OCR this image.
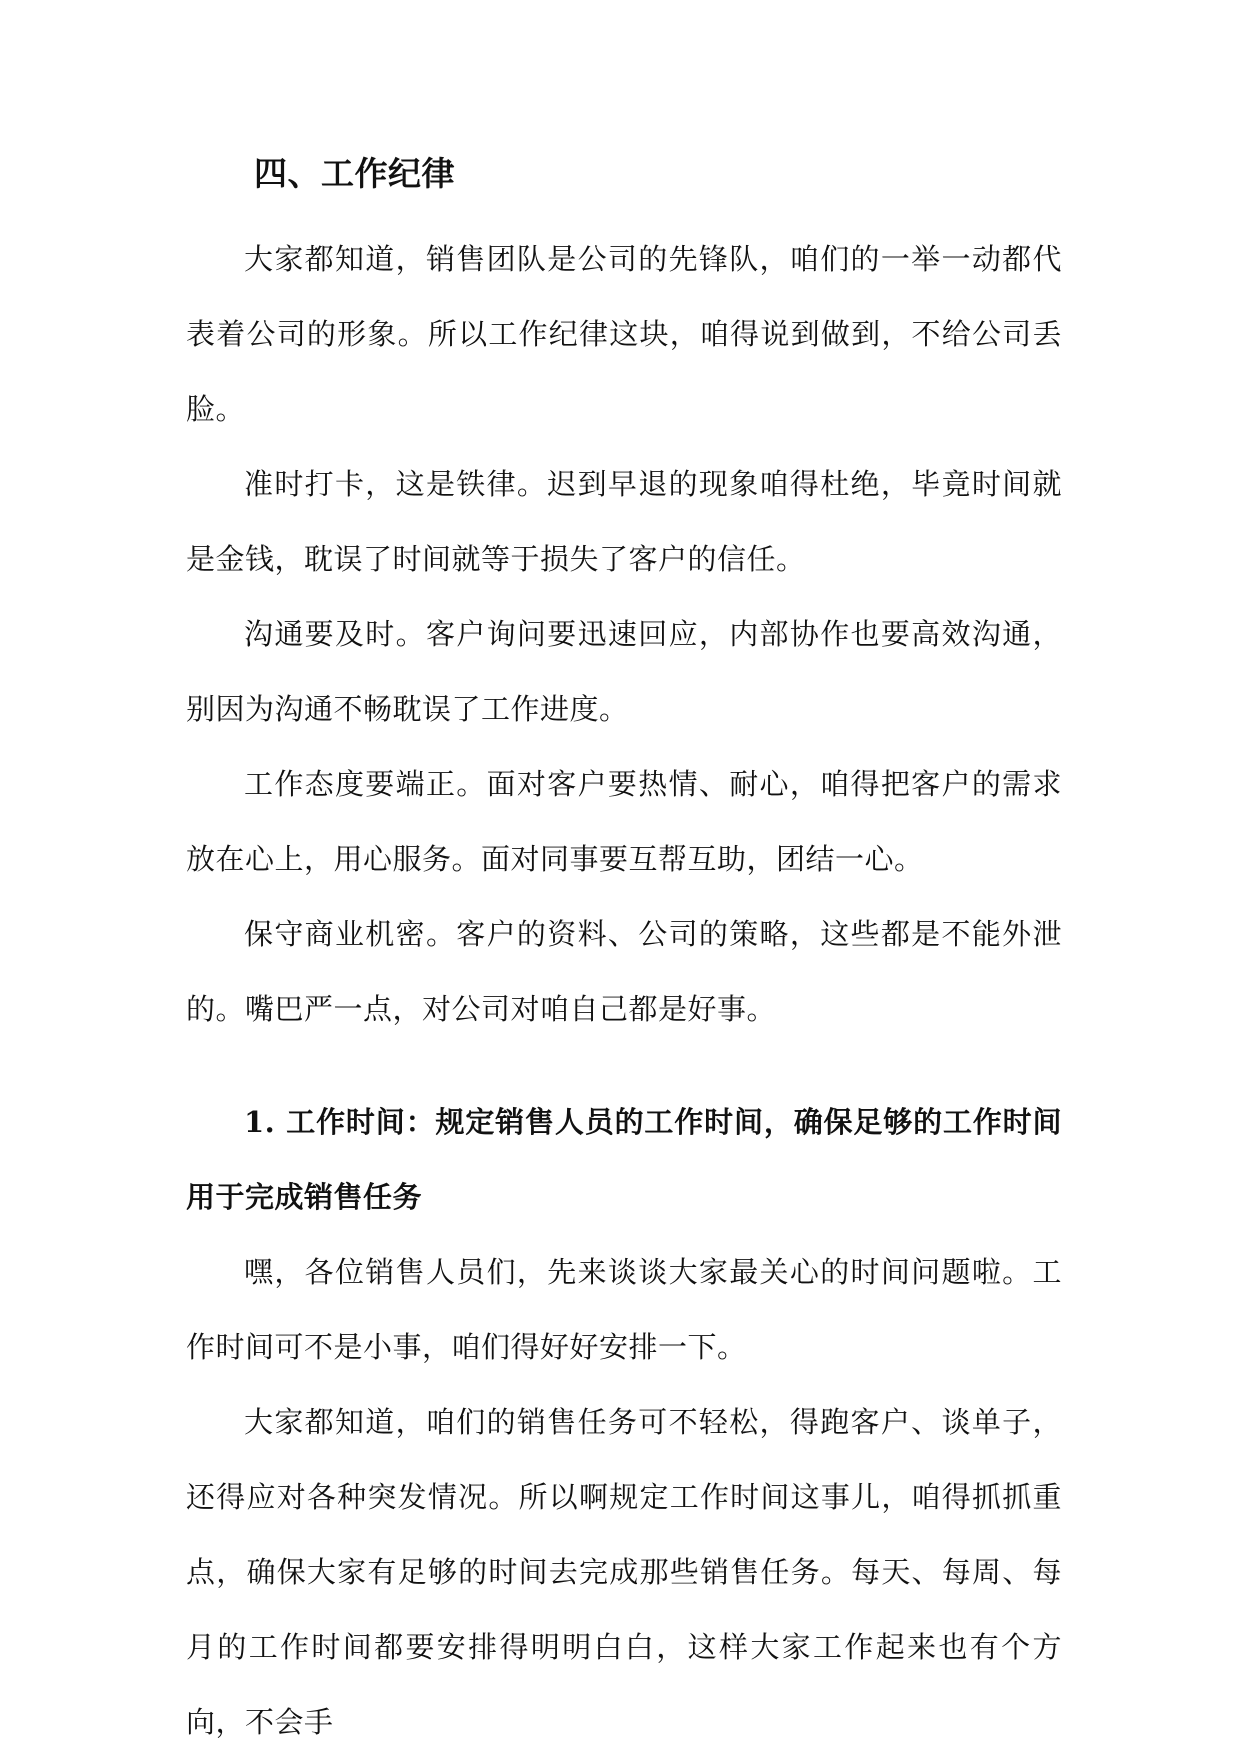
四、工作纪律

大家都知道，销售团队是公司的先锋队，咱们的一举一动都代表着公司的形象。所以工作纪律这块，咱得说到做到，不给公司丢脸。

准时打卡，这是铁律。迟到早退的现象咱得杜绝，毕竟时间就是金钱，耽误了时间就等于损失了客户的信任。

沟通要及时。客户询问要迅速回应，内部协作也要高效沟通，别因为沟通不畅耽误了工作进度。

工作态度要端正。面对客户要热情、耐心，咱得把客户的需求放在心上，用心服务。面对同事要互帮互助，团结一心。

保守商业机密。客户的资料、公司的策略，这些都是不能外泄的。嘴巴严一点，对公司对咱自己都是好事。

1. 工作时间：规定销售人员的工作时间，确保足够的工作时间用于完成销售任务

嘿，各位销售人员们，先来谈谈大家最关心的时间问题啦。工作时间可不是小事，咱们得好好安排一下。

大家都知道，咱们的销售任务可不轻松，得跑客户、谈单子，还得应对各种突发情况。所以啊规定工作时间这事儿，咱得抓抓重点，确保大家有足够的时间去完成那些销售任务。每天、每周、每月的工作时间都要安排得明明白白，这样大家工作起来也有个方向，不会手
